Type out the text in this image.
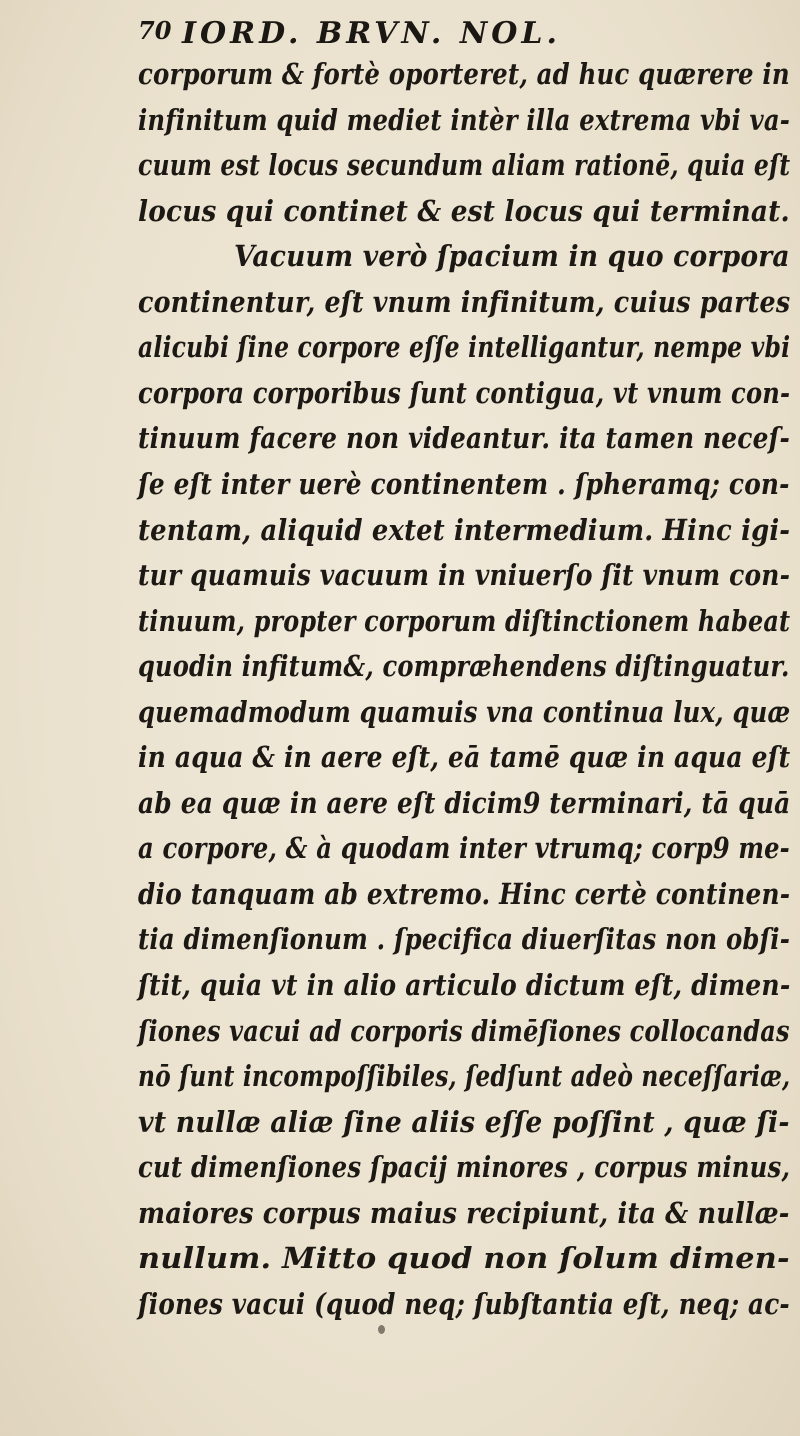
70

IORD. BRVN. NOL.

corporum & fortè oporteret, ad huc quærere in
infinitum quid mediet intèr illa extrema vbi va-
cuum est locus secundum aliam rationē, quia eſt
locus qui continet & est locus qui terminat.
Vacuum verò ſpacium in quo corpora
continentur, eſt vnum infinitum, cuius partes
alicubi ſine corpore eſſe intelligantur, nempe vbi
corpora corporibus ſunt contigua, vt vnum con-
tinuum facere non videantur. ita tamen neceſ-
ſe eſt inter uerè continentem . ſpheramq; con-
tentam, aliquid extet intermedium. Hinc igi-
tur quamuis vacuum in vniuerſo ſit vnum con-
tinuum, propter corporum diſtinctionem habeat
quodin infitum&, compræhendens diſtinguatur.
quemadmodum quamuis vna continua lux, quæ
in aqua & in aere eſt, eā tamē quæ in aqua eſt
ab ea quæ in aere eſt dicim9 terminari, tā quā
a corpore, & à quodam inter vtrumq; corp9 me-
dio tanquam ab extremo. Hinc certè continen-
tia dimenſionum . ſpecifica diuerſitas non obſi-
ſtit, quia vt in alio articulo dictum eſt, dimen-
ſiones vacui ad corporis dimēſiones collocandas
nō ſunt incompoſſibiles, ſedſunt adeò neceſſariæ,
vt nullæ aliæ ſine aliis eſſe poſſint , quæ ſi-
cut dimenſiones ſpacij minores , corpus minus,
maiores corpus maius recipiunt, ita & nullæ-
nullum. Mitto quod non ſolum dimen-
ſiones vacui (quod neq; ſubſtantia eſt, neq; ac-
